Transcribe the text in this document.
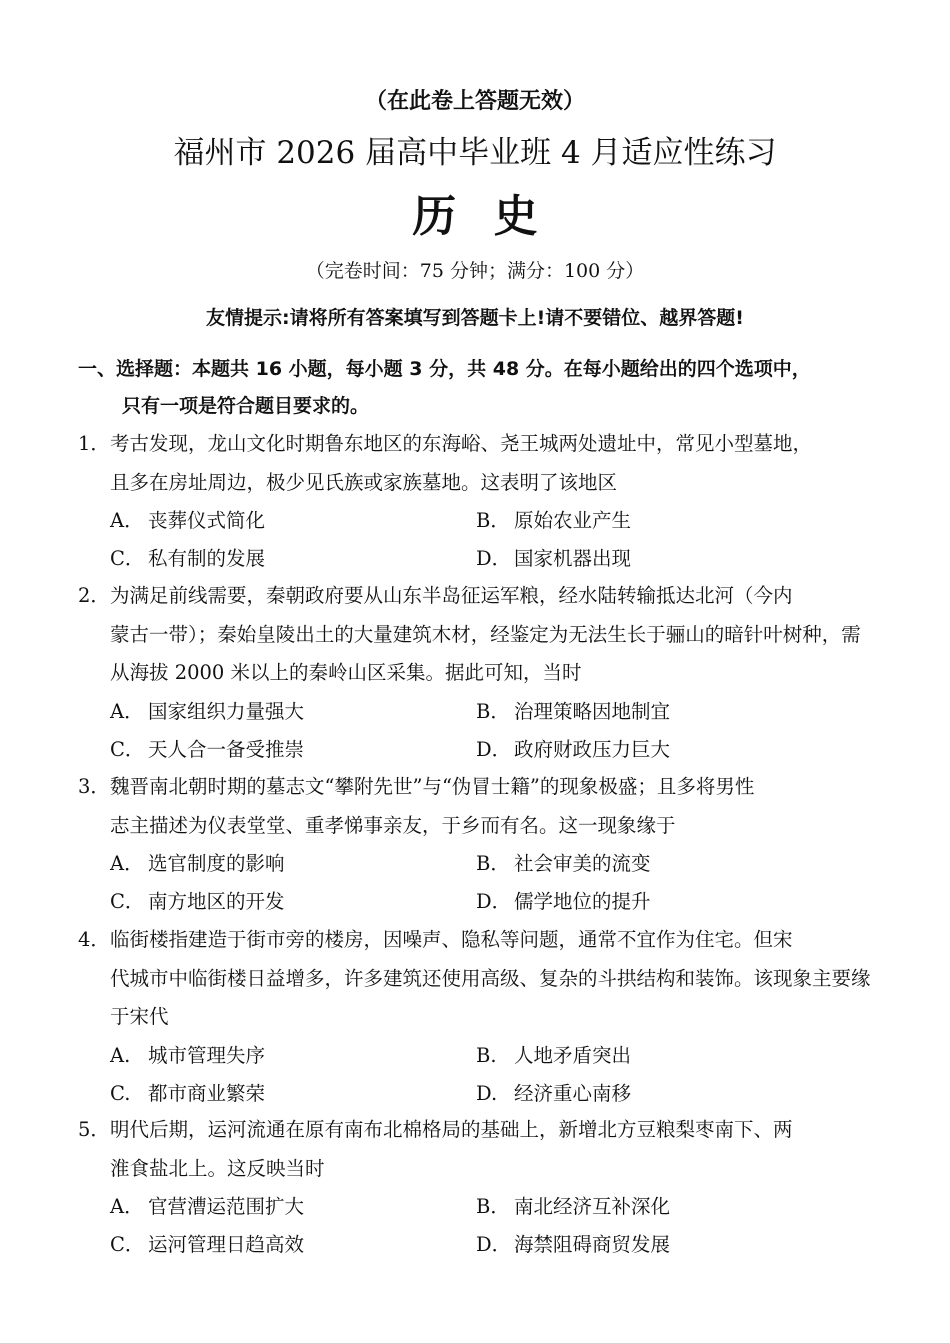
（在此卷上答题无效）
福州市 2026 届高中毕业班 4 月适应性练习
历史
（完卷时间：75 分钟；满分：100 分）
友情提示:请将所有答案填写到答题卡上!请不要错位、越界答题!
一、选择题：本题共 16 小题，每小题 3 分，共 48 分。在每小题给出的四个选项中，
只有一项是符合题目要求的。
1．考古发现，龙山文化时期鲁东地区的东海峪、尧王城两处遗址中，常见小型墓地，
且多在房址周边，极少见氏族或家族墓地。这表明了该地区
A． 丧葬仪式简化	B． 原始农业产生
C． 私有制的发展	D． 国家机器出现
2．为满足前线需要，秦朝政府要从山东半岛征运军粮，经水陆转输抵达北河（今内
蒙古一带）；秦始皇陵出土的大量建筑木材，经鉴定为无法生长于骊山的暗针叶树种，需从海拔 2000 米以上的秦岭山区采集。据此可知，当时
A． 国家组织力量强大	B． 治理策略因地制宜
C． 天人合一备受推崇	D． 政府财政压力巨大
3．魏晋南北朝时期的墓志文“攀附先世”与“伪冒士籍”的现象极盛；且多将男性
志主描述为仪表堂堂、重孝悌事亲友，于乡而有名。这一现象缘于
A． 选官制度的影响	B． 社会审美的流变
C． 南方地区的开发	D． 儒学地位的提升
4．临街楼指建造于街市旁的楼房，因噪声、隐私等问题，通常不宜作为住宅。但宋
代城市中临街楼日益增多，许多建筑还使用高级、复杂的斗拱结构和装饰。该现象主要缘于宋代
A. 城市管理失序	B. 人地矛盾突出
C. 都市商业繁荣	D. 经济重心南移
5．明代后期，运河流通在原有南布北棉格局的基础上，新增北方豆粮梨枣南下、两
淮食盐北上。这反映当时
A． 官营漕运范围扩大	B． 南北经济互补深化
C． 运河管理日趋高效	D． 海禁阻碍商贸发展
